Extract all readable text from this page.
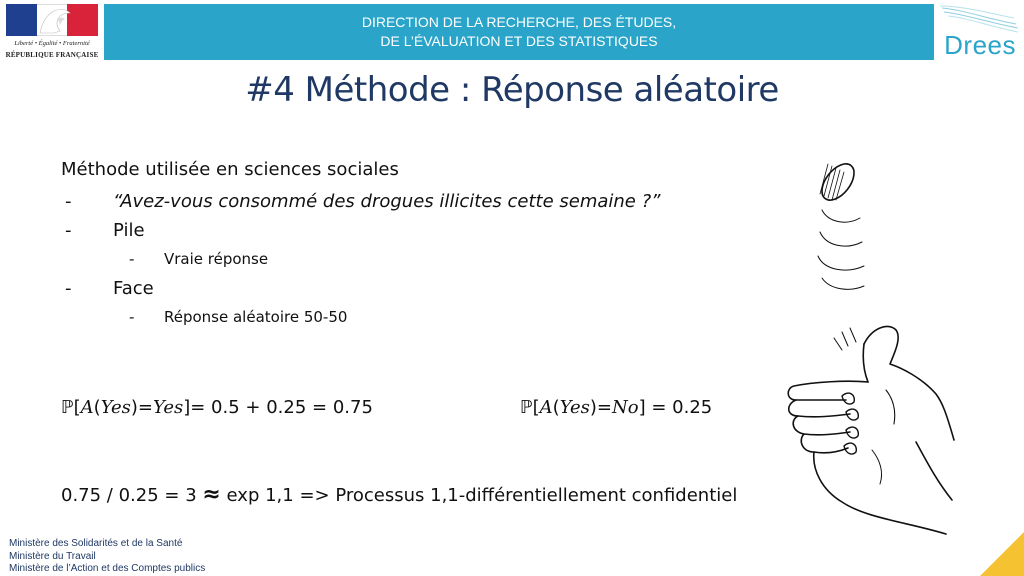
Liberté • Égalité • Fraternité
RÉPUBLIQUE FRANÇAISE
DIRECTION DE LA RECHERCHE, DES ÉTUDES,
DE L’ÉVALUATION ET DES STATISTIQUES	Drees
#4 Méthode : Réponse aléatoire
Méthode utilisée en sciences sociales
- “Avez-vous consommé des drogues illicites cette semaine ?”
- Pile
- Vraie réponse
- Face
- Réponse aléatoire 50-50
ℙ[A(Yes)=Yes]= 0.5 + 0.25 = 0.75	ℙ[A(Yes)=No] = 0.25
0.75 / 0.25 = 3 ≈ exp 1,1 => Processus 1,1-différentiellement confidentiel
Ministère des Solidarités et de la Santé
Ministère du Travail
Ministère de l’Action et des Comptes publics
